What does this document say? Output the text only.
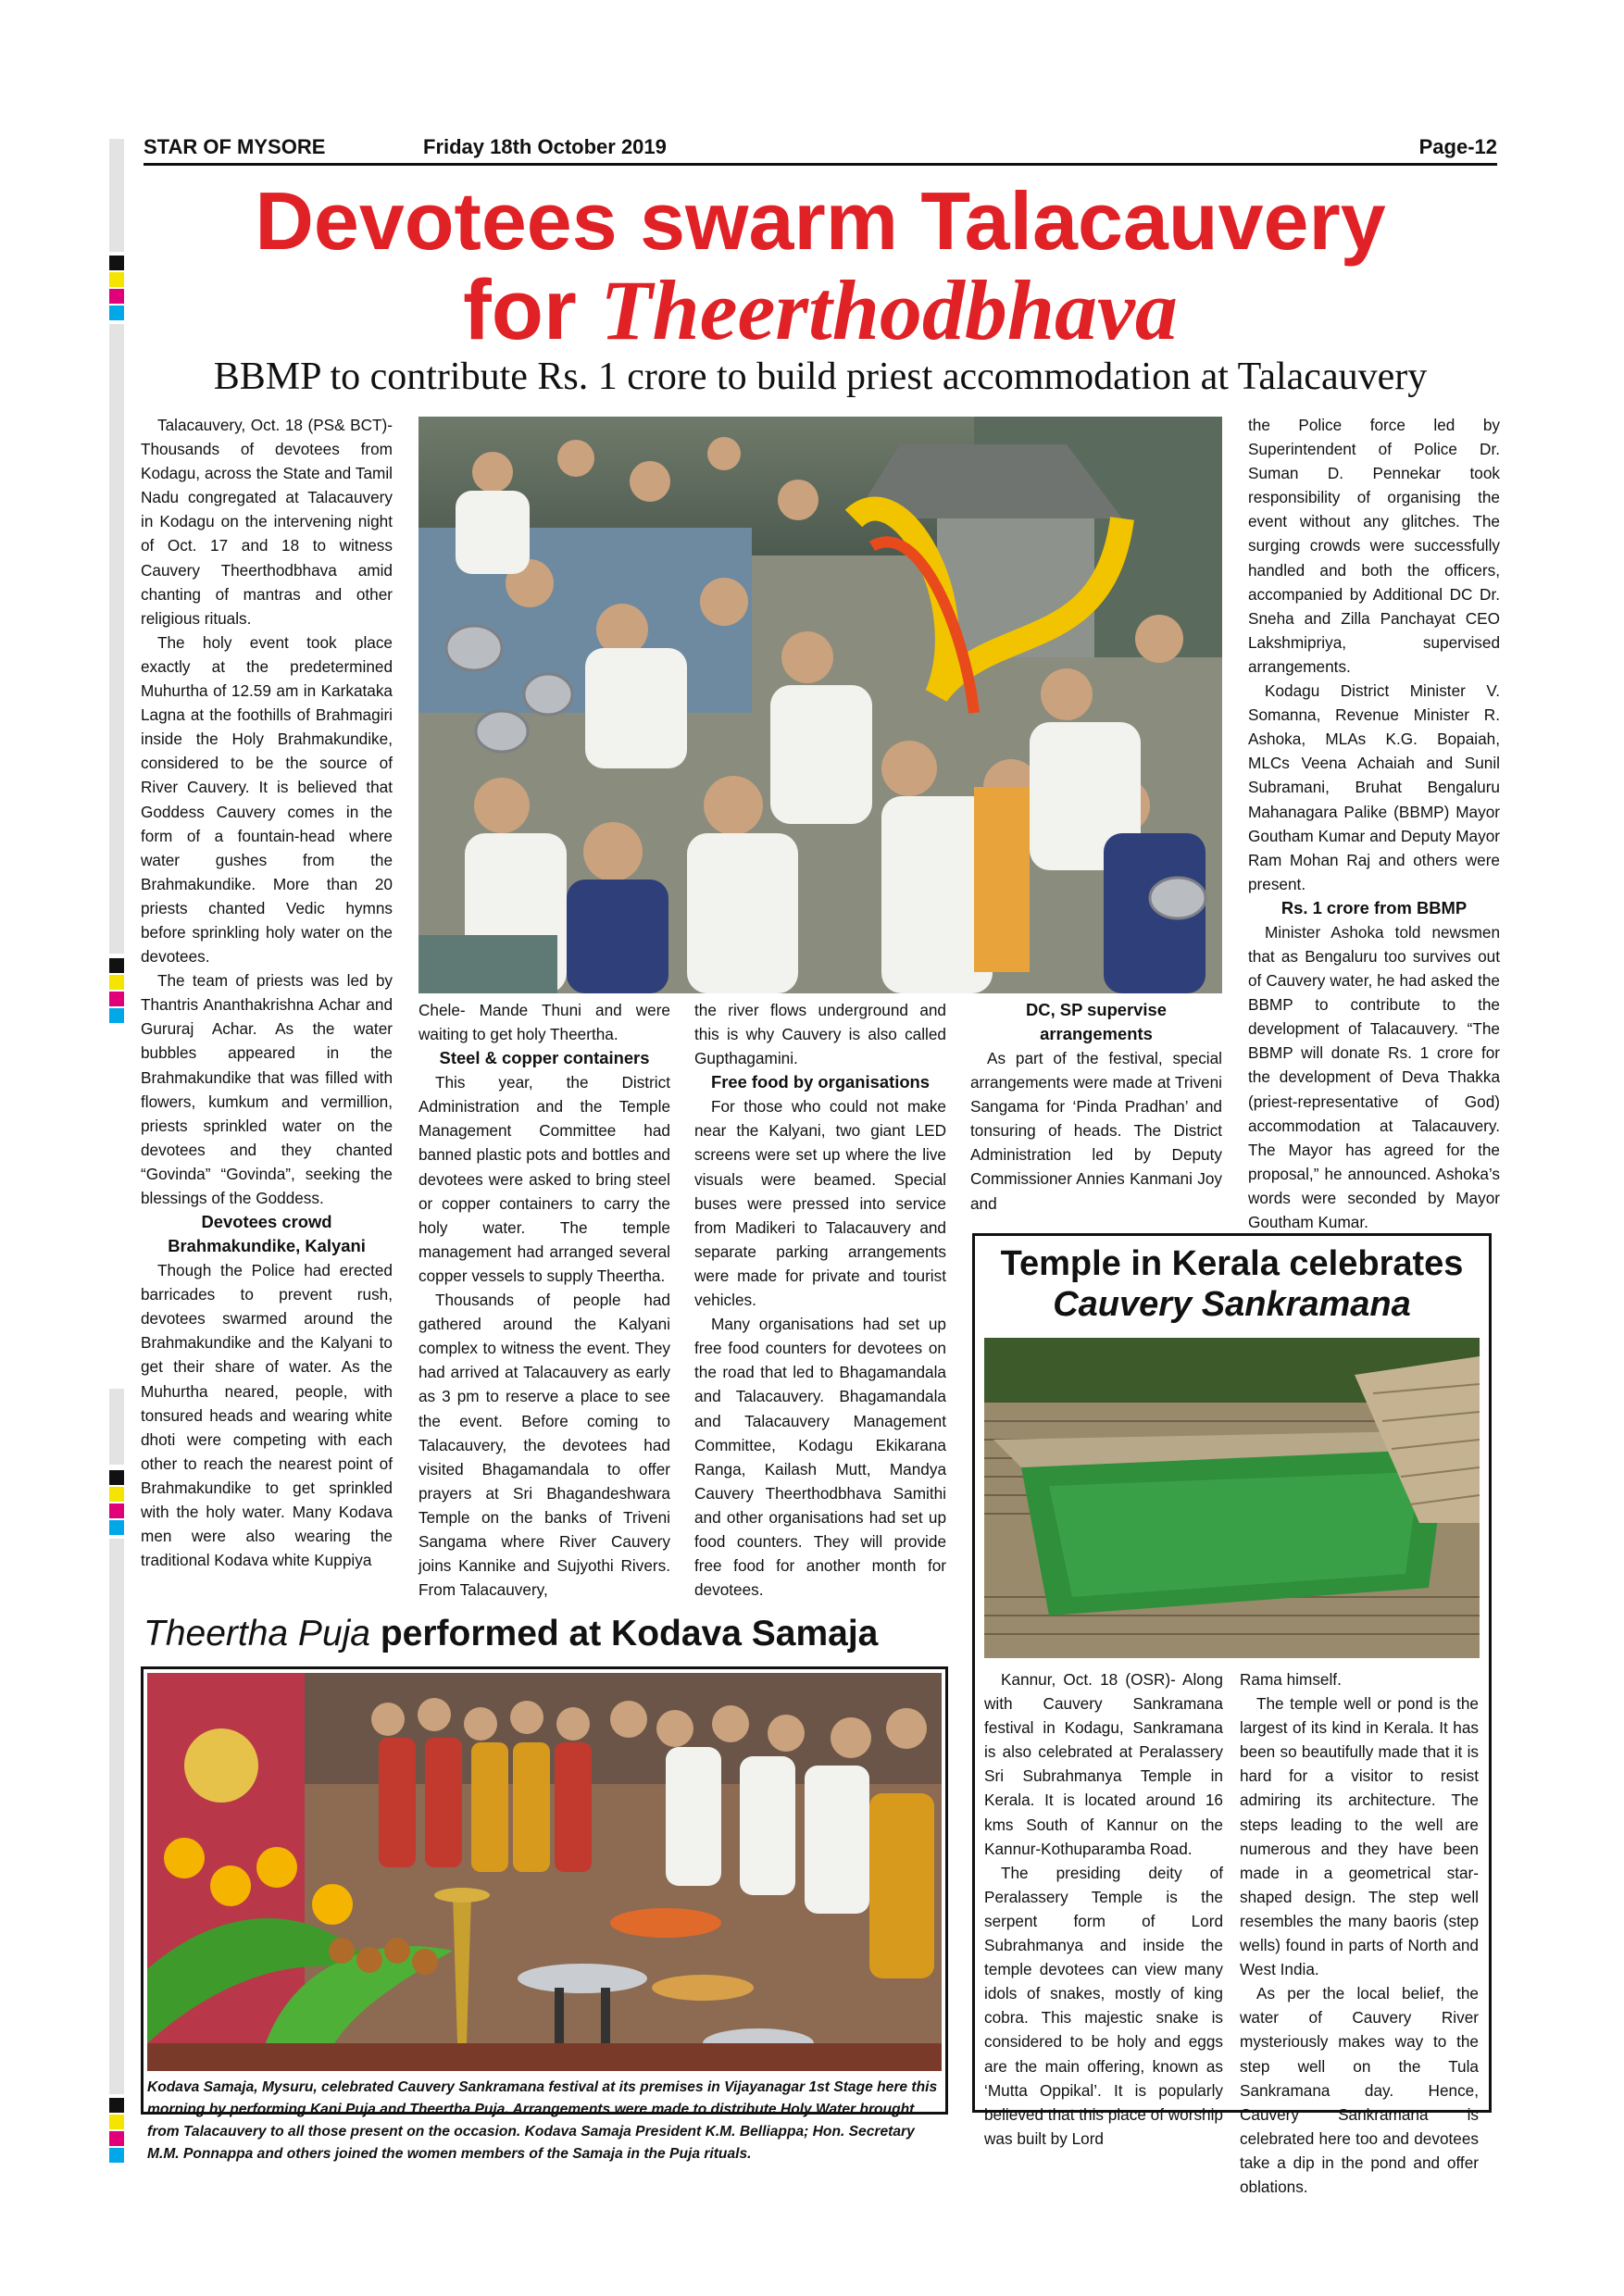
STAR OF MYSORE	Friday 18th October 2019	Page-12
Devotees swarm Talacauvery
for Theerthodbhava
BBMP to contribute Rs. 1 crore to build priest accommodation at Talacauvery

Talacauvery, Oct. 18 (PS& BCT)- Thousands of devotees from Kodagu, across the State and Tamil Nadu congregated at Talacauvery in Kodagu on the intervening night of Oct. 17 and 18 to witness Cauvery Theerthodbhava amid chanting of mantras and other religious rituals.

The holy event took place exactly at the predetermined Muhurtha of 12.59 am in Karkataka Lagna at the foothills of Brahmagiri inside the Holy Brahmakundike, considered to be the source of River Cauvery. It is believed that Goddess Cauvery comes in the form of a fountain-head where water gushes from the Brahmakundike. More than 20 priests chanted Vedic hymns before sprinkling holy water on the devotees.

The team of priests was led by Thantris Ananthakrishna Achar and Gururaj Achar. As the water bubbles appeared in the Brahmakundike that was filled with flowers, kumkum and vermillion, priests sprinkled water on the devotees and they chanted “Govinda” “Govinda”, seeking the blessings of the Goddess.

Devotees crowd Brahmakundike, Kalyani

Though the Police had erected barricades to prevent rush, devotees swarmed around the Brahmakundike and the Kalyani to get their share of water. As the Muhurtha neared, people, with tonsured heads and wearing white dhoti were competing with each other to reach the nearest point of Brahmakundike to get sprinkled with the holy water. Many Kodava men were also wearing the traditional Kodava white Kuppiya

Chele- Mande Thuni and were waiting to get holy Theertha.

Steel & copper containers

This year, the District Administration and the Temple Management Committee had banned plastic pots and bottles and devotees were asked to bring steel or copper containers to carry the holy water. The temple management had arranged several copper vessels to supply Theertha.

Thousands of people had gathered around the Kalyani complex to witness the event. They had arrived at Talacauvery as early as 3 pm to reserve a place to see the event. Before coming to Talacauvery, the devotees had visited Bhagamandala to offer prayers at Sri Bhagandeshwara Temple on the banks of Triveni Sangama where River Cauvery joins Kannike and Sujyothi Rivers. From Talacauvery,

the river flows underground and this is why Cauvery is also called Gupthagamini.

Free food by organisations

For those who could not make near the Kalyani, two giant LED screens were set up where the live visuals were beamed. Special buses were pressed into service from Madikeri to Talacauvery and separate parking arrangements were made for private and tourist vehicles.

Many organisations had set up free food counters for devotees on the road that led to Bhagamandala and Talacauvery. Bhagamandala and Talacauvery Management Committee, Kodagu Ekikarana Ranga, Kailash Mutt, Mandya Cauvery Theerthodbhava Samithi and other organisations had set up food counters. They will provide free food for another month for devotees.

DC, SP supervise arrangements

As part of the festival, special arrangements were made at Triveni Sangama for ‘Pinda Pradhan’ and tonsuring of heads. The District Administration led by Deputy Commissioner Annies Kanmani Joy and

the Police force led by Superintendent of Police Dr. Suman D. Pennekar took responsibility of organising the event without any glitches. The surging crowds were successfully handled and both the officers, accompanied by Additional DC Dr. Sneha and Zilla Panchayat CEO Lakshmipriya, supervised arrangements.

Kodagu District Minister V. Somanna, Revenue Minister R. Ashoka, MLAs K.G. Bopaiah, MLCs Veena Achaiah and Sunil Subramani, Bruhat Bengaluru Mahanagara Palike (BBMP) Mayor Goutham Kumar and Deputy Mayor Ram Mohan Raj and others were present.

Rs. 1 crore from BBMP

Minister Ashoka told newsmen that as Bengaluru too survives out of Cauvery water, he had asked the BBMP to contribute to the development of Talacauvery. “The BBMP will donate Rs. 1 crore for the development of Deva Thakka (priest-representative of God) accommodation at Talacauvery. The Mayor has agreed for the proposal,” he announced. Ashoka’s words were seconded by Mayor Goutham Kumar.

Theertha Puja performed at Kodava Samaja
Kodava Samaja, Mysuru, celebrated Cauvery Sankramana festival at its premises in Vijayanagar 1st Stage here this morning by performing Kani Puja and Theertha Puja. Arrangements were made to distribute Holy Water brought from Talacauvery to all those present on the occasion. Kodava Samaja President K.M. Belliappa; Hon. Secretary M.M. Ponnappa and others joined the women members of the Samaja in the Puja rituals.
Temple in Kerala celebrates
Cauvery Sankramana

Kannur, Oct. 18 (OSR)- Along with Cauvery Sankramana festival in Kodagu, Sankramana is also celebrated at Peralassery Sri Subrahmanya Temple in Kerala. It is located around 16 kms South of Kannur on the Kannur-Kothuparamba Road.

The presiding deity of Peralassery Temple is the serpent form of Lord Subrahmanya and inside the temple devotees can view many idols of snakes, mostly of king cobra. This majestic snake is considered to be holy and eggs are the main offering, known as ‘Mutta Oppikal’. It is popularly believed that this place of worship was built by Lord

Rama himself.

The temple well or pond is the largest of its kind in Kerala. It has been so beautifully made that it is hard for a visitor to resist admiring its architecture. The steps leading to the well are numerous and they have been made in a geometrical star-shaped design. The step well resembles the many baoris (step wells) found in parts of North and West India.

As per the local belief, the water of Cauvery River mysteriously makes way to the step well on the Tula Sankramana day. Hence, Cauvery Sankramana is celebrated here too and devotees take a dip in the pond and offer oblations.
